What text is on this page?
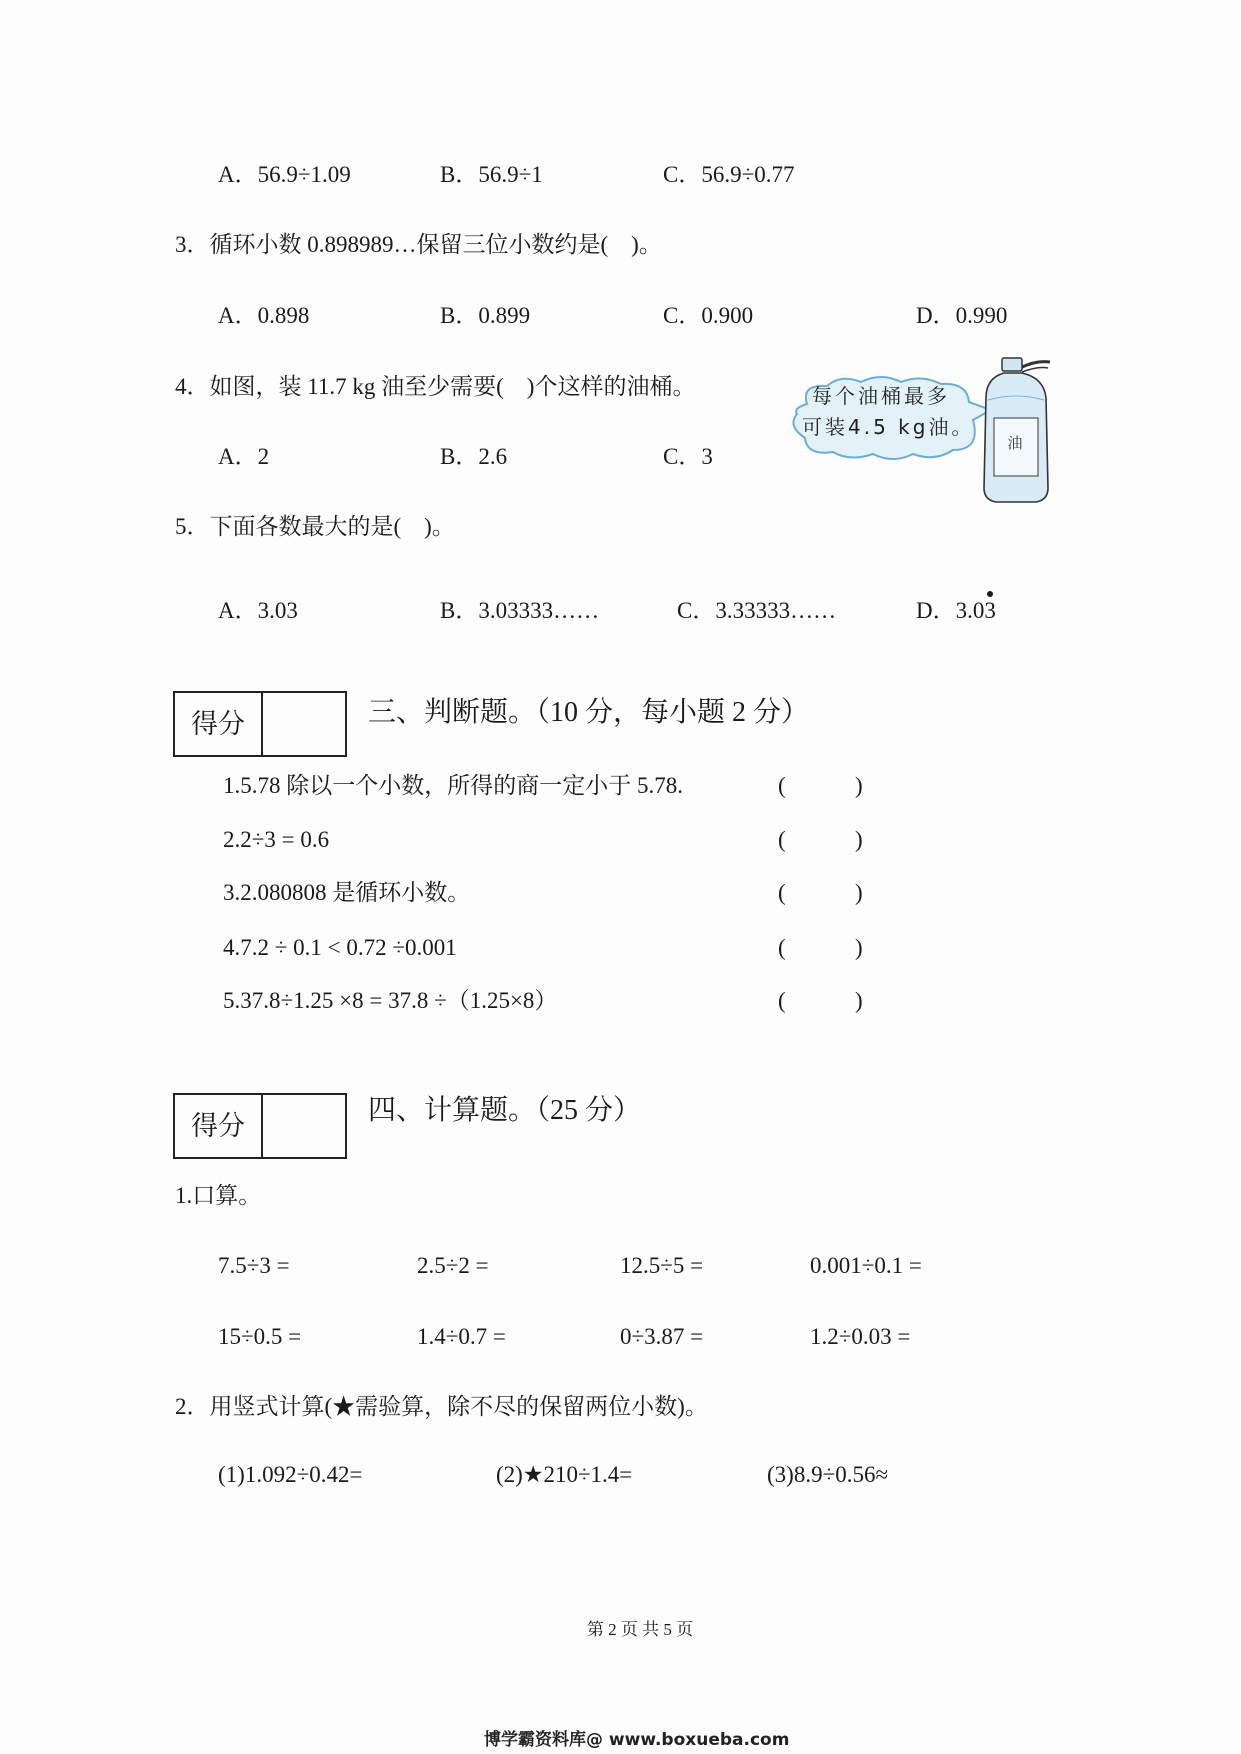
A．56.9÷1.09	B．56.9÷1	C．56.9÷0.77
3．循环小数 0.898989…保留三位小数约是(    )。
A．0.898	B．0.899	C．0.900	D．0.990
4．如图，装 11.7 kg 油至少需要(    )个这样的油桶。
A．2	B．2.6	C．3
每个油桶最多
可装4.5 kg油。
油
5．下面各数最大的是(    )。
A．3.03	B．3.03333……	C．3.33333……	D．3.03
得分	三、判断题。（10 分，每小题 2 分）
1.5.78 除以一个小数，所得的商一定小于 5.78.	(	)
2.2÷3 = 0.6	(	)
3.2.080808 是循环小数。	(	)
4.7.2 ÷ 0.1 < 0.72 ÷0.001	(	)
5.37.8÷1.25 ×8 = 37.8 ÷（1.25×8）	(	)
得分	四、计算题。（25 分）
1.口算。
7.5÷3 =	2.5÷2 =	12.5÷5 =	0.001÷0.1 =
15÷0.5 =	1.4÷0.7 =	0÷3.87 =	1.2÷0.03 =
2．用竖式计算(★需验算，除不尽的保留两位小数)。
(1)1.092÷0.42=	(2)★210÷1.4=	(3)8.9÷0.56≈
第 2 页 共 5 页
博学霸资料库@ www.boxueba.com
